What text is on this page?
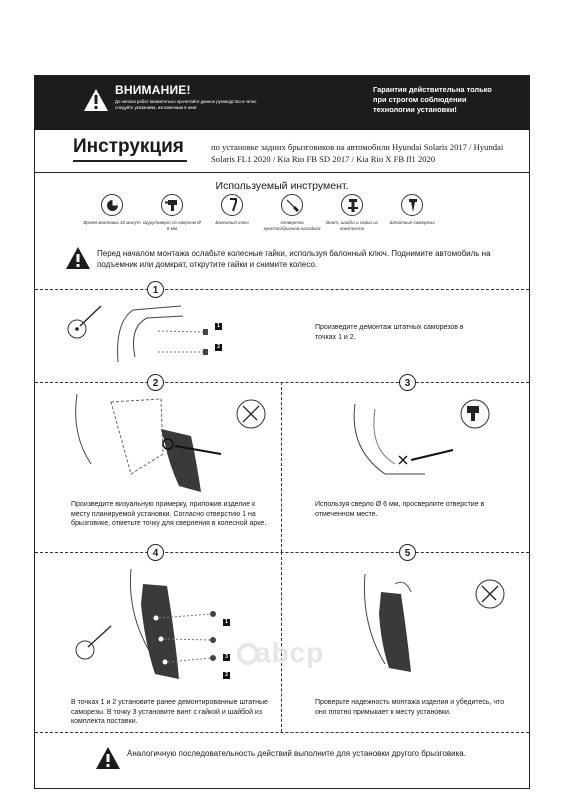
ВНИМАНИЕ!
До начала работ внимательно прочитайте данное руководство и четко следуйте указаниям, изложенным в нем!
Гарантия действительна только при строгом соблюдении технологии установки!
Инструкция	по установке задних брызговиков на автомобили Hyundai Solaris 2017 / Hyundai Solaris FL1 2020 / Kia Rio FB SD 2017 / Kia Rio X FB fl1 2020
Используемый инструмент.
Время монтажа 10 минут Шуруповерт со сверлом Ø 6 мм
Балонный ключ	Отвертка крестообразной насадкой
Винт, шайба и гайка из комплекта
Штатные саморезы
Перед началом монтажа ослабьте колесные гайки, используя балонный ключ. Поднимите автомобиль на подъемник или домкрат, открутите гайки и снимите колесо.
1
2	3
4	5
1
2
Произведите демонтаж штатных саморезов в точках 1 и 2.
Произведите визуальную примерку, приложив изделие к месту планируемой установки. Согласно отверстию 1 на брызговике, отметьте точку для сверления в колесной арке.
Используя сверло Ø 6 мм, просверлите отверстие в отмеченном месте.
1
3
2
В точках 1 и 2 установите ранее демонтированные штатные саморезы. В точку 3 установите винт с гайкой и шайбой из комплекта поставки.
abcp
Проверьте надежность монтажа изделия и убедитесь, что оно плотно примыкает к месту установки.
Аналогичную последовательность действий выполните для установки другого брызговика.
